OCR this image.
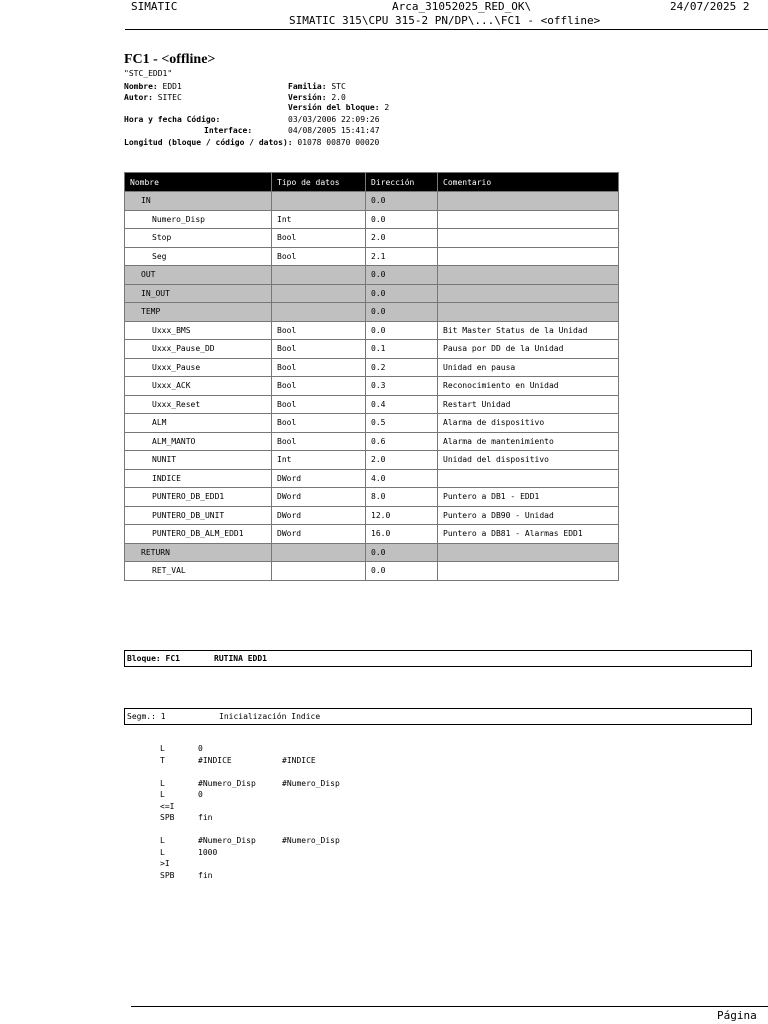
SIMATIC	Arca_31052025_RED_OK\	24/07/2025 2
SIMATIC 315\CPU 315-2 PN/DP\...\FC1 - <offline>
FC1 - <offline>
"STC_EDD1"
Nombre: EDD1
Autor: SITEC
Familia: STC
Versión: 2.0
Versión del bloque: 2
Hora y fecha Código:	03/03/2006 22:09:26
Interface:	04/08/2005 15:41:47
Longitud (bloque / código / datos): 01078 00870 00020
Nombre	Tipo de datos	Dirección	Comentario
IN		0.0	
Numero_Disp	Int	0.0	
Stop	Bool	2.0	
Seg	Bool	2.1	
OUT		0.0	
IN_OUT		0.0	
TEMP		0.0	
Uxxx_BMS	Bool	0.0	Bit Master Status de la Unidad
Uxxx_Pause_DD	Bool	0.1	Pausa por DD de la Unidad
Uxxx_Pause	Bool	0.2	Unidad en pausa
Uxxx_ACK	Bool	0.3	Reconocimiento en Unidad
Uxxx_Reset	Bool	0.4	Restart Unidad
ALM	Bool	0.5	Alarma de dispositivo
ALM_MANTO	Bool	0.6	Alarma de mantenimiento
NUNIT	Int	2.0	Unidad del dispositivo
INDICE	DWord	4.0	
PUNTERO_DB_EDD1	DWord	8.0	Puntero a DB1 - EDD1
PUNTERO_DB_UNIT	DWord	12.0	Puntero a DB90 - Unidad
PUNTERO_DB_ALM_EDD1	DWord	16.0	Puntero a DB81 - Alarmas EDD1
RETURN		0.0	
RET_VAL		0.0	
Bloque: FC1	RUTINA EDD1
Segm.: 1	Inicialización Indice
L	0
T	#INDICE	#INDICE
L	#Numero_Disp	#Numero_Disp
L	0
<=I
SPB	fin
L	#Numero_Disp	#Numero_Disp
L	1000
>I
SPB	fin
Página
